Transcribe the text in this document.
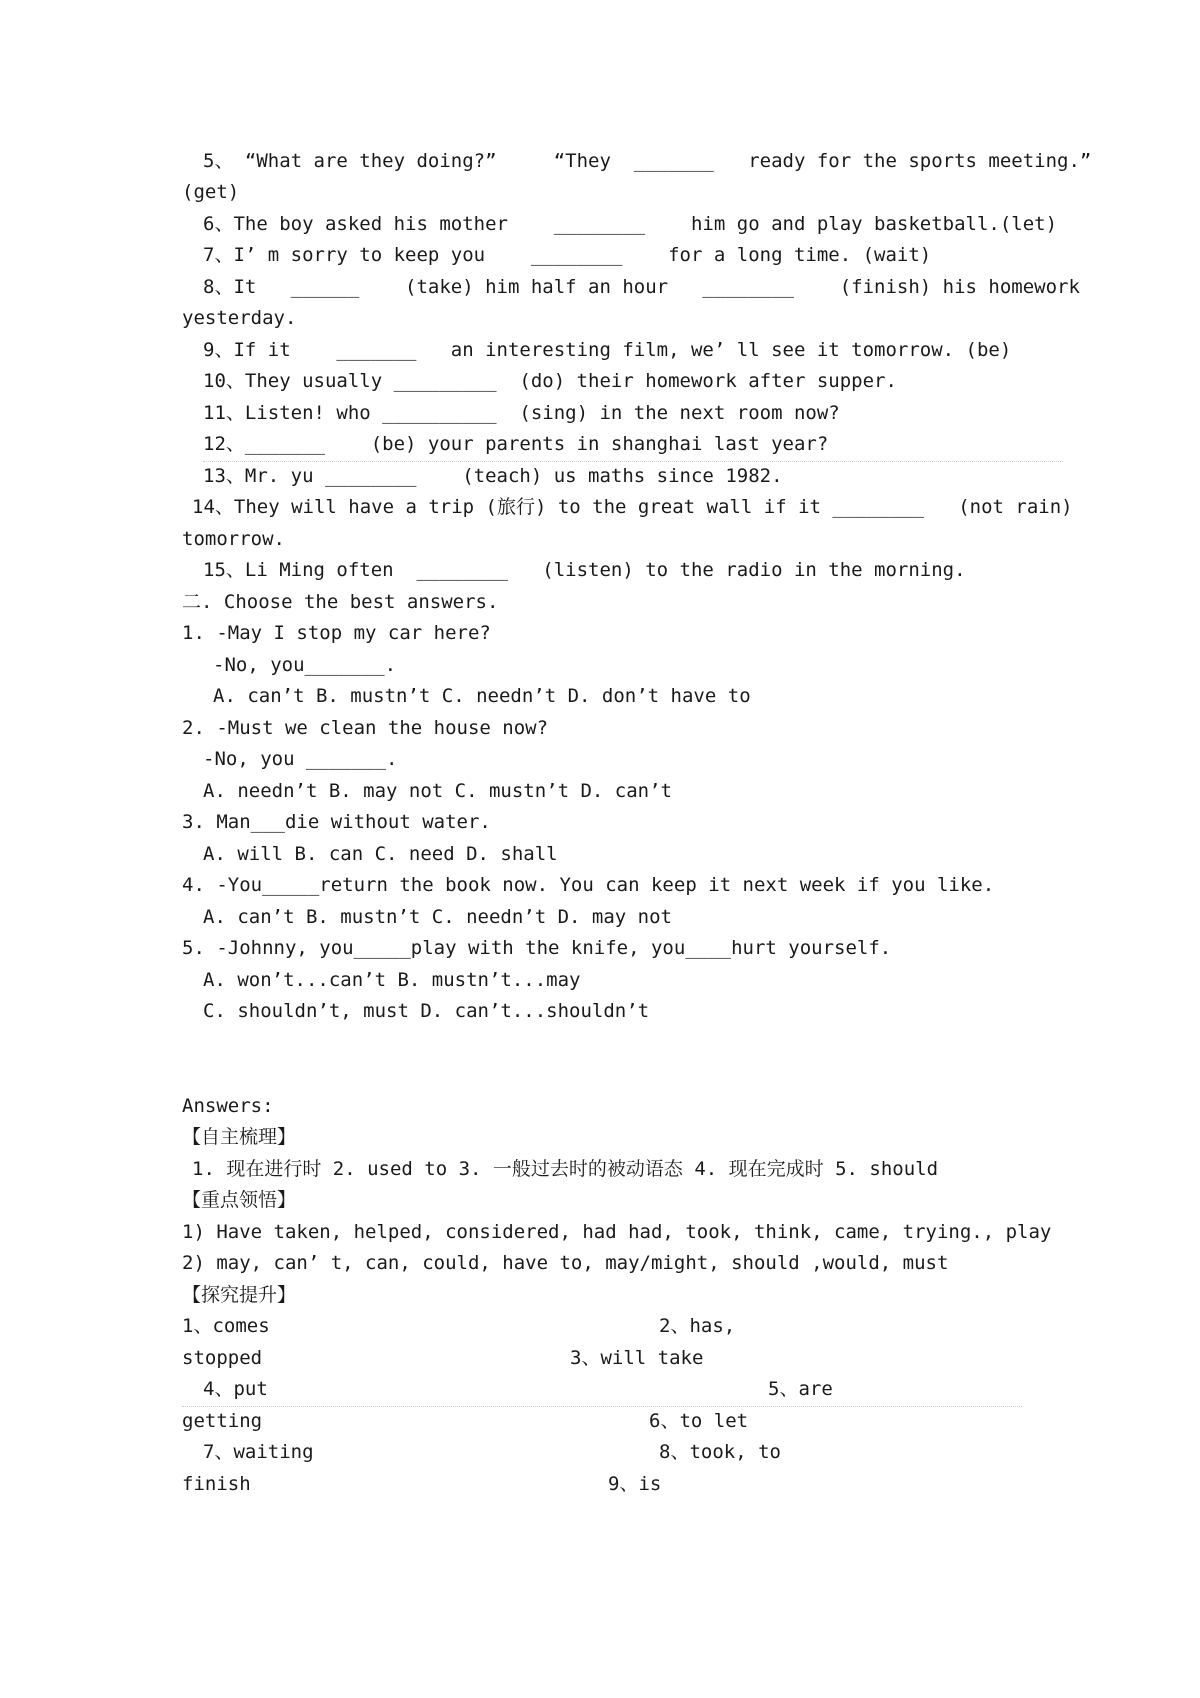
5、 “What are they doing?”     “They  _______   ready for the sports meeting.”
(get)
6、The boy asked his mother    ________    him go and play basketball.(let)
7、I’ m sorry to keep you    ________    for a long time. (wait)
8、It   ______    (take) him half an hour   ________    (finish) his homework
yesterday.
9、If it    _______   an interesting film, we’ ll see it tomorrow. (be)
10、They usually _________  (do) their homework after supper.
11、Listen! who __________  (sing) in the next room now?
12、_______    (be) your parents in shanghai last year?
13、Mr. yu ________    (teach) us maths since 1982.
14、They will have a trip (旅行) to the great wall if it ________   (not rain)
tomorrow.
15、Li Ming often  ________   (listen) to the radio in the morning.
二. Choose the best answers.
1. -May I stop my car here?
-No, you_______.
A. can’t B. mustn’t C. needn’t D. don’t have to
2. -Must we clean the house now?
-No, you _______.
A. needn’t B. may not C. mustn’t D. can’t
3. Man___die without water.
A. will B. can C. need D. shall
4. -You_____return the book now. You can keep it next week if you like.
A. can’t B. mustn’t C. needn’t D. may not
5. -Johnny, you_____play with the knife, you____hurt yourself.
A. won’t...can’t B. mustn’t...may
C. shouldn’t, must D. can’t...shouldn’t
Answers:
【自主梳理】
1. 现在进行时 2. used to 3. 一般过去时的被动语态 4. 现在完成时 5. should
【重点领悟】
1) Have taken, helped, considered, had had, took, think, came, trying., play
2) may, can’ t, can, could, have to, may/might, should ,would, must
【探究提升】
1、comes	2、has,
stopped	3、will take
4、put	5、are
getting	6、to let
7、waiting	8、took, to
finish	9、is
